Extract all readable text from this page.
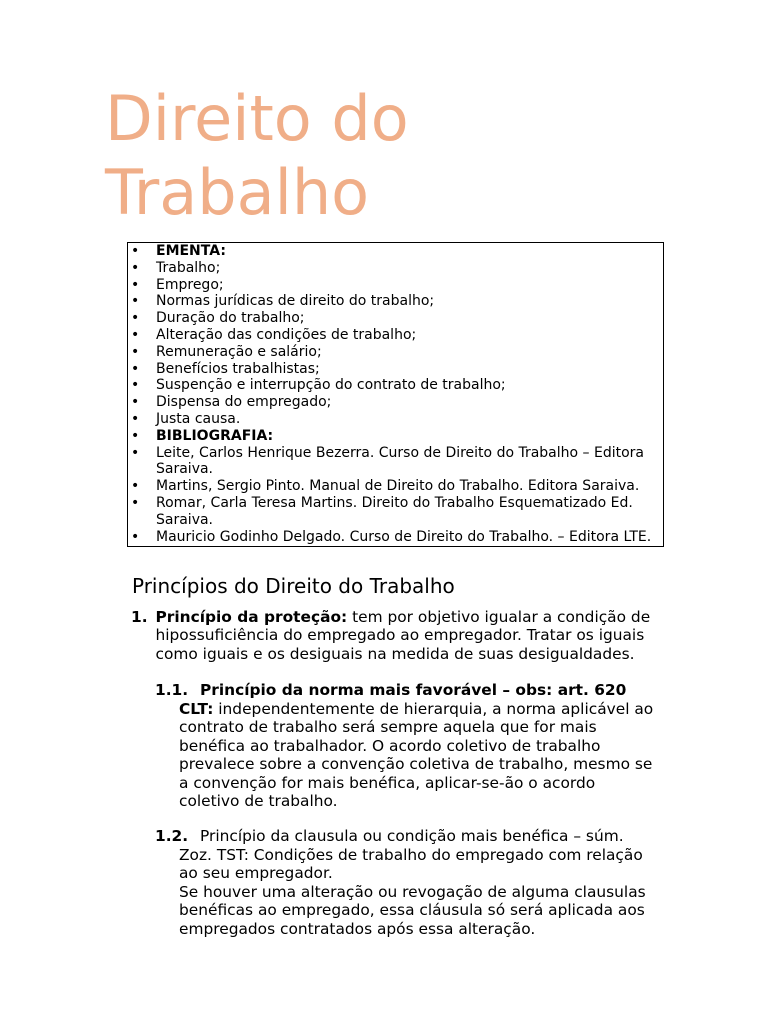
Direito do
Trabalho
• EMENTA:
• Trabalho;
• Emprego;
• Normas jurídicas de direito do trabalho;
• Duração do trabalho;
• Alteração das condições de trabalho;
• Remuneração e salário;
• Benefícios trabalhistas;
• Suspenção e interrupção do contrato de trabalho;
• Dispensa do empregado;
• Justa causa.
• BIBLIOGRAFIA:
• Leite, Carlos Henrique Bezerra. Curso de Direito do Trabalho – Editora Saraiva.
• Martins, Sergio Pinto. Manual de Direito do Trabalho. Editora Saraiva.
• Romar, Carla Teresa Martins. Direito do Trabalho Esquematizado Ed. Saraiva.
• Mauricio Godinho Delgado. Curso de Direito do Trabalho. – Editora LTE.
Princípios do Direito do Trabalho
1. Princípio da proteção: tem por objetivo igualar a condição de
hipossuficiência do empregado ao empregador. Tratar os iguais
como iguais e os desiguais na medida de suas desigualdades.
1.1. Princípio da norma mais favorável – obs: art. 620
CLT: independentemente de hierarquia, a norma aplicável ao
contrato de trabalho será sempre aquela que for mais
benéfica ao trabalhador. O acordo coletivo de trabalho
prevalece sobre a convenção coletiva de trabalho, mesmo se
a convenção for mais benéfica, aplicar-se-ão o acordo
coletivo de trabalho.
1.2. Princípio da clausula ou condição mais benéfica – súm.
Zoz. TST: Condições de trabalho do empregado com relação
ao seu empregador.
Se houver uma alteração ou revogação de alguma clausulas
benéficas ao empregado, essa cláusula só será aplicada aos
empregados contratados após essa alteração.
